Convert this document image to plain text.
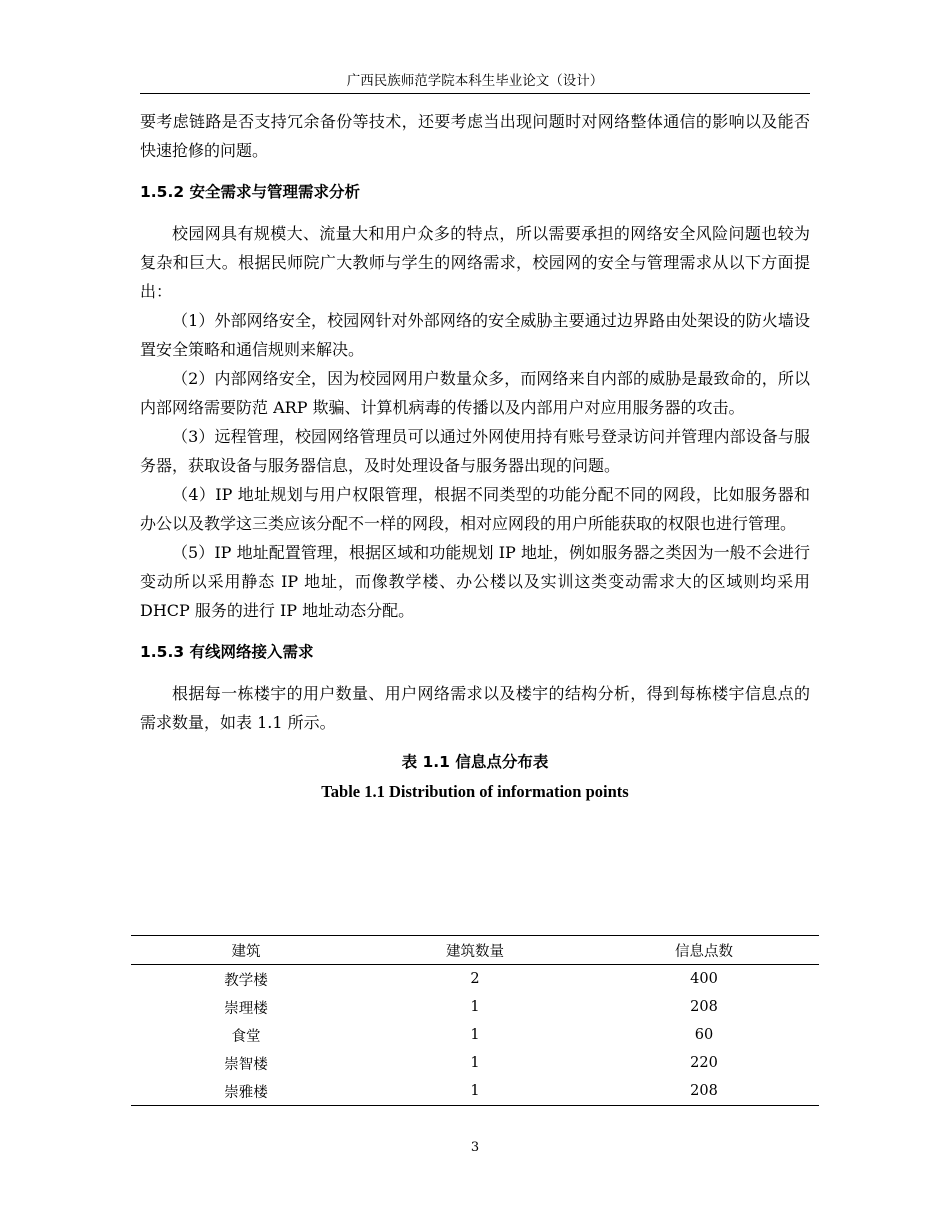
广西民族师范学院本科生毕业论文（设计）

要考虑链路是否支持冗余备份等技术，还要考虑当出现问题时对网络整体通信的影响以及能否快速抢修的问题。

1.5.2 安全需求与管理需求分析

校园网具有规模大、流量大和用户众多的特点，所以需要承担的网络安全风险问题也较为复杂和巨大。根据民师院广大教师与学生的网络需求，校园网的安全与管理需求从以下方面提出：

（1）外部网络安全，校园网针对外部网络的安全威胁主要通过边界路由处架设的防火墙设置安全策略和通信规则来解决。

（2）内部网络安全，因为校园网用户数量众多，而网络来自内部的威胁是最致命的，所以内部网络需要防范 ARP 欺骗、计算机病毒的传播以及内部用户对应用服务器的攻击。

（3）远程管理，校园网络管理员可以通过外网使用持有账号登录访问并管理内部设备与服务器，获取设备与服务器信息，及时处理设备与服务器出现的问题。

（4）IP 地址规划与用户权限管理，根据不同类型的功能分配不同的网段，比如服务器和办公以及教学这三类应该分配不一样的网段，相对应网段的用户所能获取的权限也进行管理。

（5）IP 地址配置管理，根据区域和功能规划 IP 地址，例如服务器之类因为一般不会进行变动所以采用静态 IP 地址，而像教学楼、办公楼以及实训这类变动需求大的区域则均采用 DHCP 服务的进行 IP 地址动态分配。

1.5.3 有线网络接入需求

根据每一栋楼宇的用户数量、用户网络需求以及楼宇的结构分析，得到每栋楼宇信息点的需求数量，如表 1.1 所示。

表 1.1 信息点分布表
Table 1.1 Distribution of information points
建筑	建筑数量	信息点数
教学楼	2	400
崇理楼	1	208
食堂	1	60
崇智楼	1	220
崇雅楼	1	208
3
